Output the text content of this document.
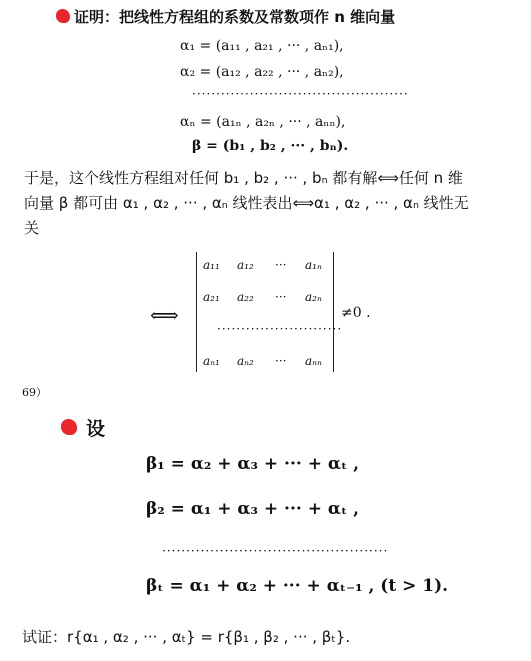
证明：把线性方程组的系数及常数项作 n 维向量
α₁ = (a₁₁ , a₂₁ , ··· , aₙ₁),
α₂ = (a₁₂ , a₂₂ , ··· , aₙ₂),
·············································
αₙ = (a₁ₙ , a₂ₙ , ··· , aₙₙ),
β = (b₁ , b₂ , ··· , bₙ).
于是，这个线性方程组对任何 b₁ , b₂ , ··· , bₙ 都有解⟺任何 n 维
向量 β 都可由 α₁ , α₂ , ··· , αₙ 线性表出⟺α₁ , α₂ , ··· , αₙ 线性无
关
⟺
a₁₁ a₁₂ ··· a₁ₙ
a₂₁ a₂₂ ··· a₂ₙ
··························
aₙ₁ aₙ₂ ··· aₙₙ
≠0 .
69）
设
β₁ = α₂ + α₃ + ··· + αₜ ,
β₂ = α₁ + α₃ + ··· + αₜ ,
···············································
βₜ = α₁ + α₂ + ··· + αₜ₋₁ , (t > 1).
试证：r{α₁ , α₂ , ··· , αₜ} = r{β₁ , β₂ , ··· , βₜ}.
